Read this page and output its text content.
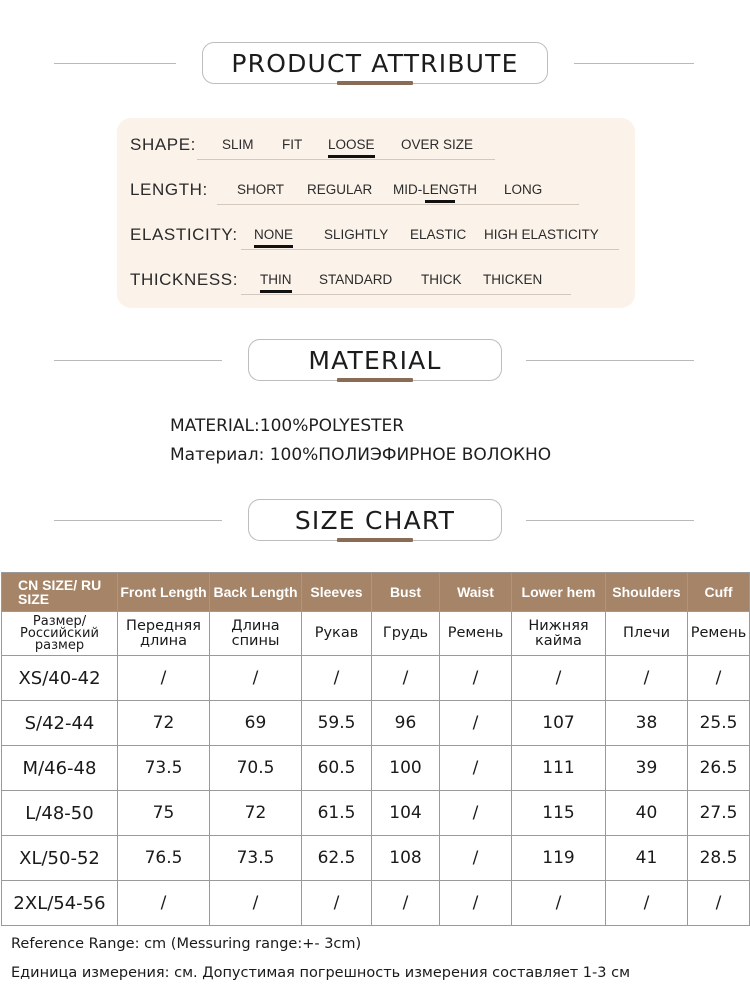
PRODUCT ATTRIBUTE
SHAPE: SLIM FIT LOOSE OVER SIZE
LENGTH: SHORT REGULAR MID-LENGTH LONG
ELASTICITY: NONE SLIGHTLY ELASTIC HIGH ELASTICITY
THICKNESS: THIN STANDARD THICK THICKEN
MATERIAL
MATERIAL:100%POLYESTER
Материал: 100%ПОЛИЭФИРНОЕ ВОЛОКНО
SIZE CHART
CN SIZE/ RU SIZE	Front Length	Back Length	Sleeves	Bust	Waist	Lower hem	Shoulders	Cuff
Размер/ Российский размер	Передняя длина	Длина спины	Рукав	Грудь	Ремень	Нижняя кайма	Плечи	Ремень
XS/40-42	/	/	/	/	/	/	/	/
S/42-44	72	69	59.5	96	/	107	38	25.5
M/46-48	73.5	70.5	60.5	100	/	111	39	26.5
L/48-50	75	72	61.5	104	/	115	40	27.5
XL/50-52	76.5	73.5	62.5	108	/	119	41	28.5
2XL/54-56	/	/	/	/	/	/	/	/
Reference Range: cm (Messuring range:+- 3cm)
Единица измерения: см. Допустимая погрешность измерения составляет 1-3 см
